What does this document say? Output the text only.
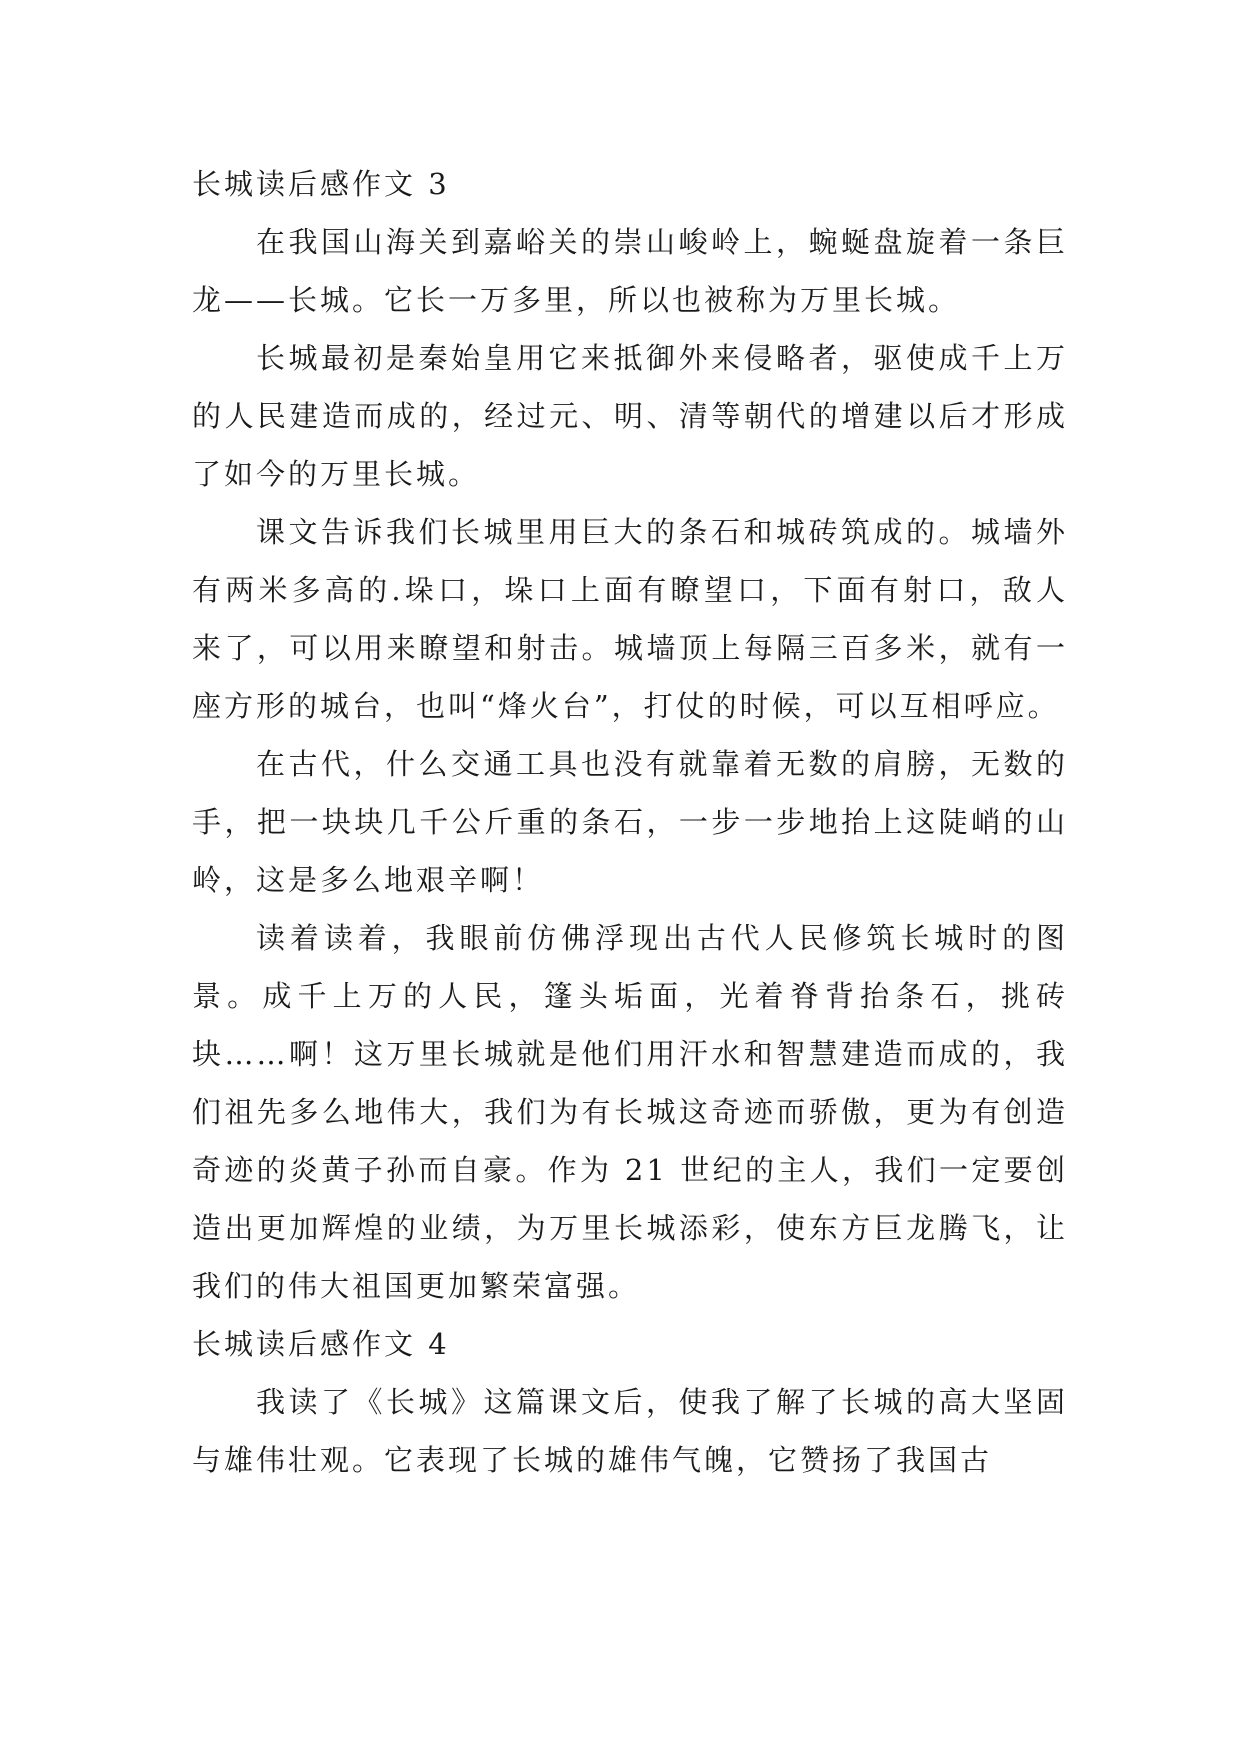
长城读后感作文 3

在我国山海关到嘉峪关的崇山峻岭上，蜿蜒盘旋着一条巨龙——长城。它长一万多里，所以也被称为万里长城。

长城最初是秦始皇用它来抵御外来侵略者，驱使成千上万的人民建造而成的，经过元、明、清等朝代的增建以后才形成了如今的万里长城。

课文告诉我们长城里用巨大的条石和城砖筑成的。城墙外有两米多高的.垛口，垛口上面有瞭望口，下面有射口，敌人来了，可以用来瞭望和射击。城墙顶上每隔三百多米，就有一座方形的城台，也叫“烽火台”，打仗的时候，可以互相呼应。

在古代，什么交通工具也没有就靠着无数的肩膀，无数的手，把一块块几千公斤重的条石，一步一步地抬上这陡峭的山岭，这是多么地艰辛啊！

读着读着，我眼前仿佛浮现出古代人民修筑长城时的图景。成千上万的人民，篷头垢面，光着脊背抬条石，挑砖块……啊！这万里长城就是他们用汗水和智慧建造而成的，我们祖先多么地伟大，我们为有长城这奇迹而骄傲，更为有创造奇迹的炎黄子孙而自豪。作为 21 世纪的主人，我们一定要创造出更加辉煌的业绩，为万里长城添彩，使东方巨龙腾飞，让我们的伟大祖国更加繁荣富强。

长城读后感作文 4

我读了《长城》这篇课文后，使我了解了长城的高大坚固与雄伟壮观。它表现了长城的雄伟气魄，它赞扬了我国古
